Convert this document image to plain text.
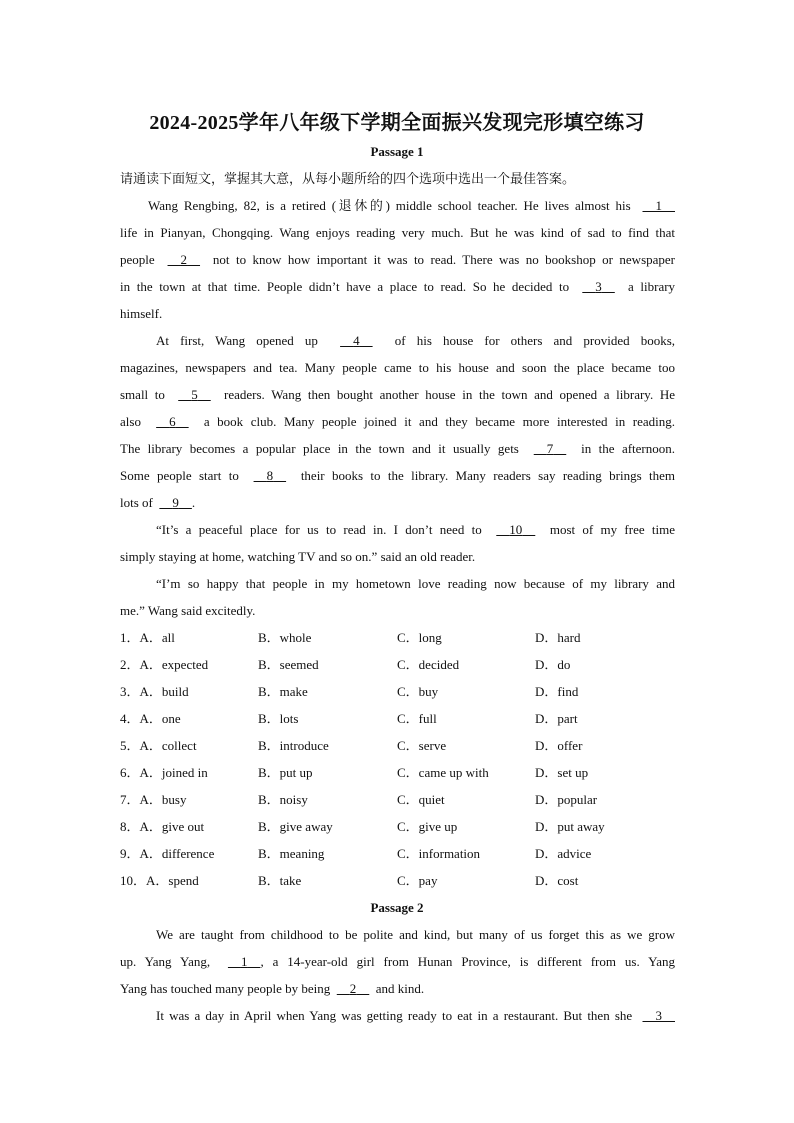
2024-2025学年八年级下学期全面振兴发现完形填空练习
Passage 1
请通读下面短文，掌握其大意，从每小题所给的四个选项中选出一个最佳答案。
Wang Rengbing, 82, is a retired (退休的) middle school teacher. He lives almost his 1
life in Pianyan, Chongqing. Wang enjoys reading very much. But he was kind of sad to find that
people 2 not to know how important it was to read. There was no bookshop or newspaper
in the town at that time. People didn’t have a place to read. So he decided to 3 a library
himself.
At first, Wang opened up	4	of his house for others and provided books,
magazines, newspapers and tea. Many people came to his house and soon the place became too
small to 5 readers. Wang then bought another house in the town and opened a library. He
also 6 a book club. Many people joined it and they became more interested in reading.
The library becomes a popular place in the town and it usually gets 7 in the afternoon.
Some people start to 8 their books to the library. Many readers say reading brings them
lots of 9 .
“It’s a peaceful place for us to read in. I don’t need to 10 most of my free time
simply staying at home, watching TV and so on.” said an old reader.
“I’m so happy that people in my hometown love reading now because of my library and
me.” Wang said excitedly.
1．A．all	B．whole	C．long	D．hard
2．A．expected	B．seemed	C．decided	D．do
3．A．build	B．make	C．buy	D．find
4．A．one	B．lots	C．full	D．part
5．A．collect	B．introduce	C．serve	D．offer
6．A．joined in	B．put up	C．came up with	D．set up
7．A．busy	B．noisy	C．quiet	D．popular
8．A．give out	B．give away	C．give up	D．put away
9．A．difference	B．meaning	C．information	D．advice
10．A．spend	B．take	C．pay	D．cost
Passage 2
We are taught from childhood to be polite and kind, but many of us forget this as we grow
up. Yang Yang, 1 , a 14-year-old girl from Hunan Province, is different from us. Yang
Yang has touched many people by being 2 and kind.
It was a day in April when Yang was getting ready to eat in a restaurant. But then she 3
